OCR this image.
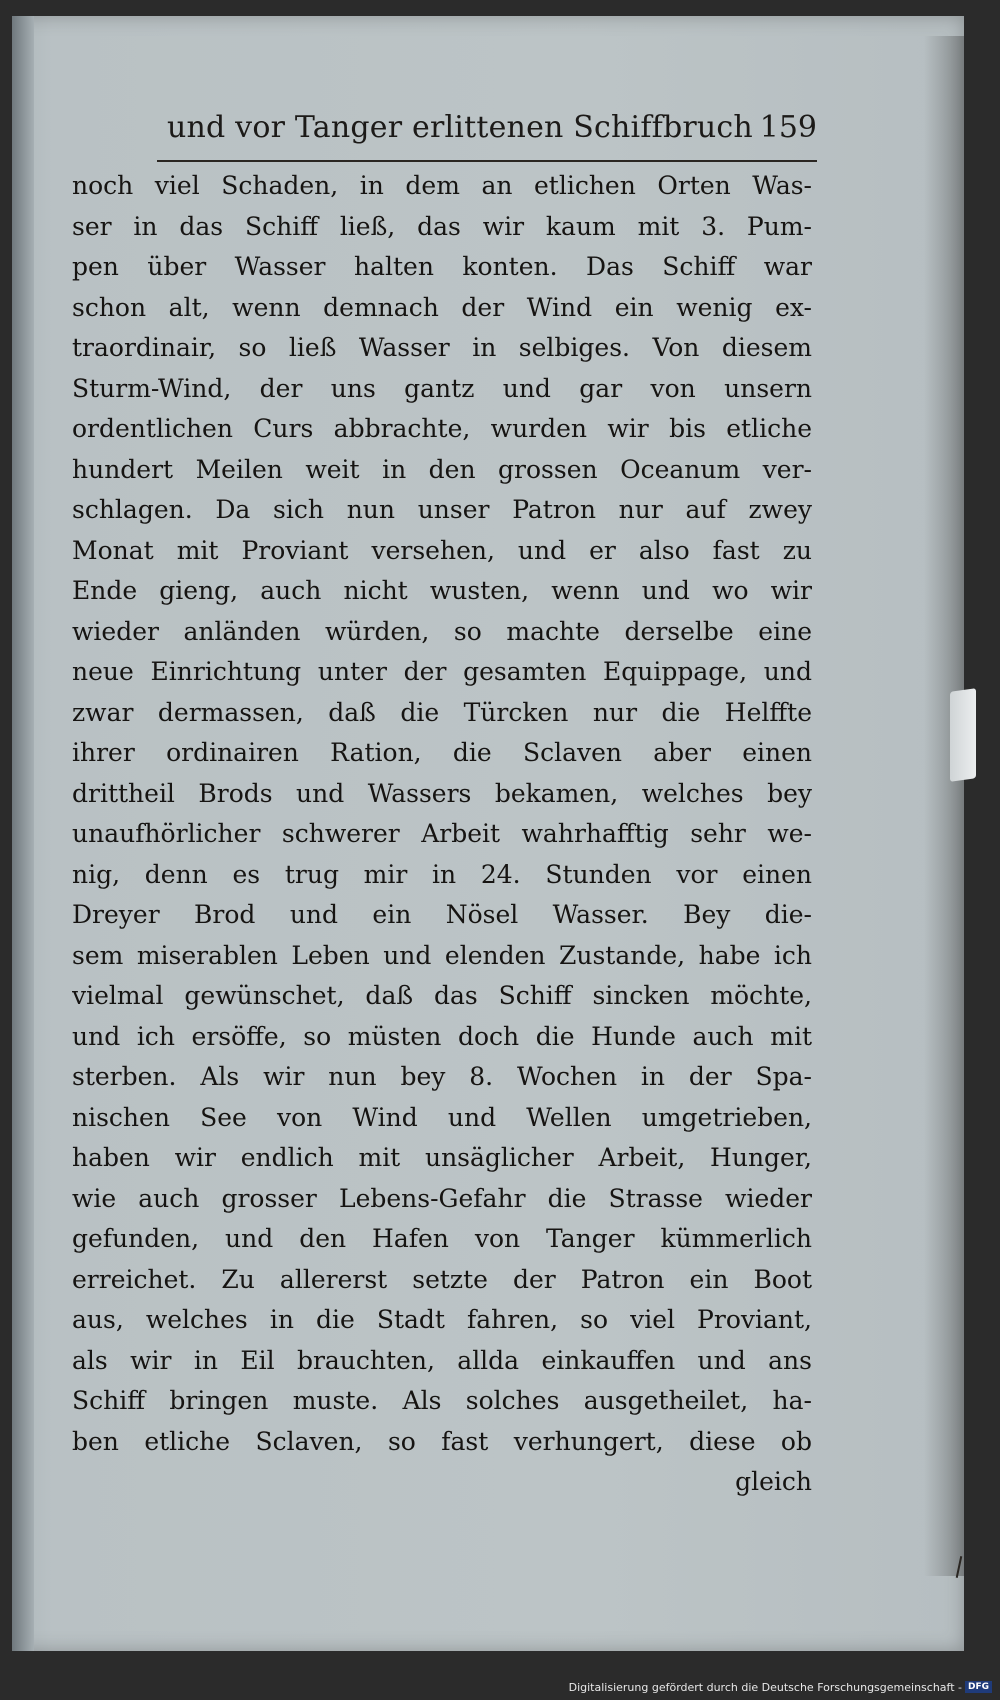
und vor Tanger erlittenen Schiffbruch 159
noch viel Schaden, in dem an etlichen Orten Was-
ser in das Schiff ließ, das wir kaum mit 3. Pum-
pen über Wasser halten konten. Das Schiff war
schon alt, wenn demnach der Wind ein wenig ex-
traordinair, so ließ Wasser in selbiges. Von diesem
Sturm-Wind, der uns gantz und gar von unsern
ordentlichen Curs abbrachte, wurden wir bis etliche
hundert Meilen weit in den grossen Oceanum ver-
schlagen. Da sich nun unser Patron nur auf zwey
Monat mit Proviant versehen, und er also fast zu
Ende gieng, auch nicht wusten, wenn und wo wir
wieder anländen würden, so machte derselbe eine
neue Einrichtung unter der gesamten Equippage, und
zwar dermassen, daß die Türcken nur die Helffte
ihrer ordinairen Ration, die Sclaven aber einen
drittheil Brods und Wassers bekamen, welches bey
unaufhörlicher schwerer Arbeit wahrhafftig sehr we-
nig, denn es trug mir in 24. Stunden vor einen
Dreyer Brod und ein Nösel Wasser. Bey die-
sem miserablen Leben und elenden Zustande, habe ich
vielmal gewünschet, daß das Schiff sincken möchte,
und ich ersöffe, so müsten doch die Hunde auch mit
sterben. Als wir nun bey 8. Wochen in der Spa-
nischen See von Wind und Wellen umgetrieben,
haben wir endlich mit unsäglicher Arbeit, Hunger,
wie auch grosser Lebens-Gefahr die Strasse wieder
gefunden, und den Hafen von Tanger kümmerlich
erreichet. Zu allererst setzte der Patron ein Boot
aus, welches in die Stadt fahren, so viel Proviant,
als wir in Eil brauchten, allda einkauffen und ans
Schiff bringen muste. Als solches ausgetheilet, ha-
ben etliche Sclaven, so fast verhungert, diese ob
gleich
Digitalisierung gefördert durch die Deutsche Forschungsgemeinschaft - DFG
